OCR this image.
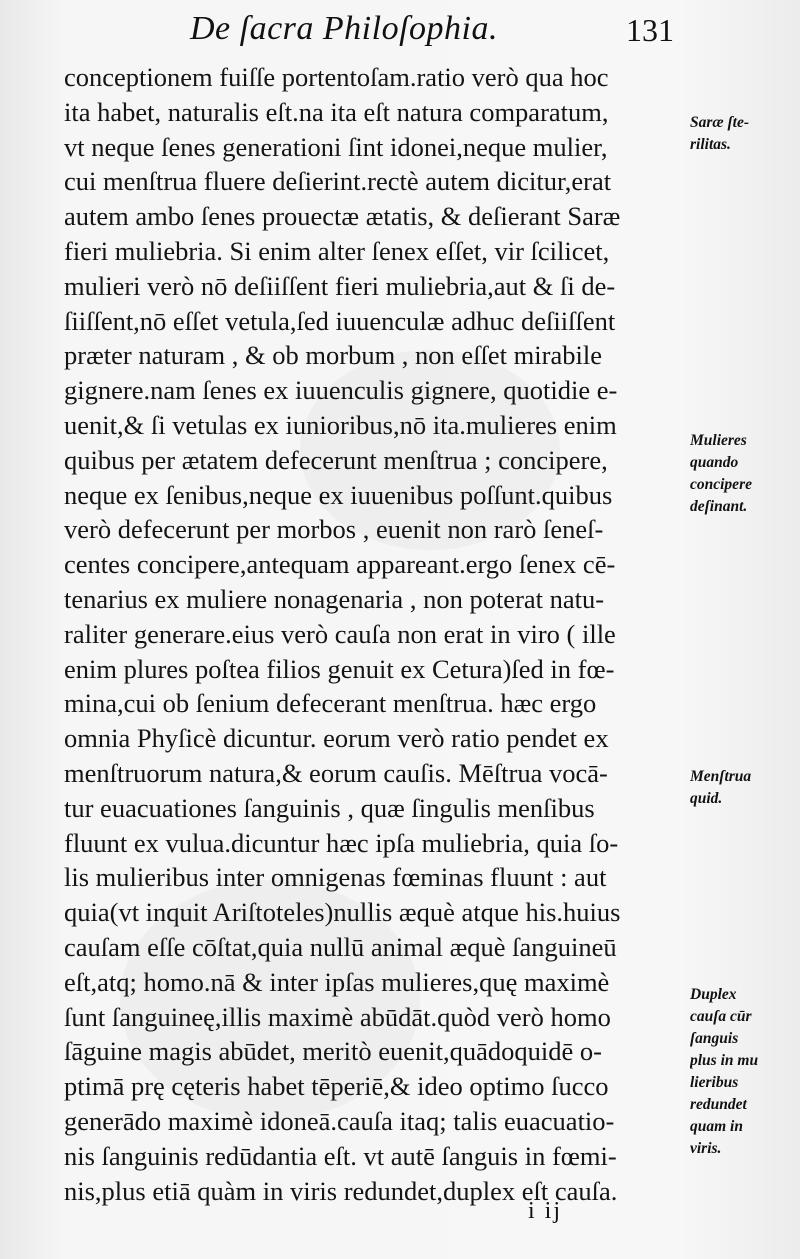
De ſacra Philoſophia.	131
conceptionem fuiſſe portentoſam.ratio verò qua hoc
ita habet, naturalis eſt.na ita eſt natura comparatum,
vt neque ſenes generationi ſint idonei,neque mulier,
cui menſtrua fluere deſierint.rectè autem dicitur,erat
autem ambo ſenes prouectæ ætatis, & deſierant Saræ
fieri muliebria. Si enim alter ſenex eſſet, vir ſcilicet,
mulieri verò nō deſiiſſent fieri muliebria,aut & ſi de-
ſiiſſent,nō eſſet vetula,ſed iuuenculæ adhuc deſiiſſent
præter naturam , & ob morbum , non eſſet mirabile
gignere.nam ſenes ex iuuenculis gignere, quotidie e-
uenit,& ſi vetulas ex iunioribus,nō ita.mulieres enim
quibus per ætatem defecerunt menſtrua ; concipere,
neque ex ſenibus,neque ex iuuenibus poſſunt.quibus
verò defecerunt per morbos , euenit non rarò ſeneſ-
centes concipere,antequam appareant.ergo ſenex cē-
tenarius ex muliere nonagenaria , non poterat natu-
raliter generare.eius verò cauſa non erat in viro ( ille
enim plures poſtea filios genuit ex Cetura)ſed in fœ-
mina,cui ob ſenium defecerant menſtrua. hæc ergo
omnia Phyſicè dicuntur. eorum verò ratio pendet ex
menſtruorum natura,& eorum cauſis. Mēſtrua vocā-
tur euacuationes ſanguinis , quæ ſingulis menſibus
fluunt ex vulua.dicuntur hæc ipſa muliebria, quia ſo-
lis mulieribus inter omnigenas fœminas fluunt : aut
quia(vt inquit Ariſtoteles)nullis æquè atque his.huius
cauſam eſſe cōſtat,quia nullū animal æquè ſanguineū
eſt,atq; homo.nā & inter ipſas mulieres,quę maximè
ſunt ſanguineę,illis maximè abūdāt.quòd verò homo
ſāguine magis abūdet, meritò euenit,quādoquidē o-
ptimā prę cęteris habet tēperiē,& ideo optimo ſucco
generādo maximè idoneā.cauſa itaq; talis euacuatio-
nis ſanguinis redūdantia eſt. vt autē ſanguis in fœmi-
nis,plus etiā quàm in viris redundet,duplex eſt cauſa.
Saræ ſte-
rilitas.
Mulieres
quando
concipere
deſinant.
Menſtrua
quid.
Duplex
cauſa cūr
ſanguis
plus in mu
lieribus
redundet
quam in
viris.
i ij
